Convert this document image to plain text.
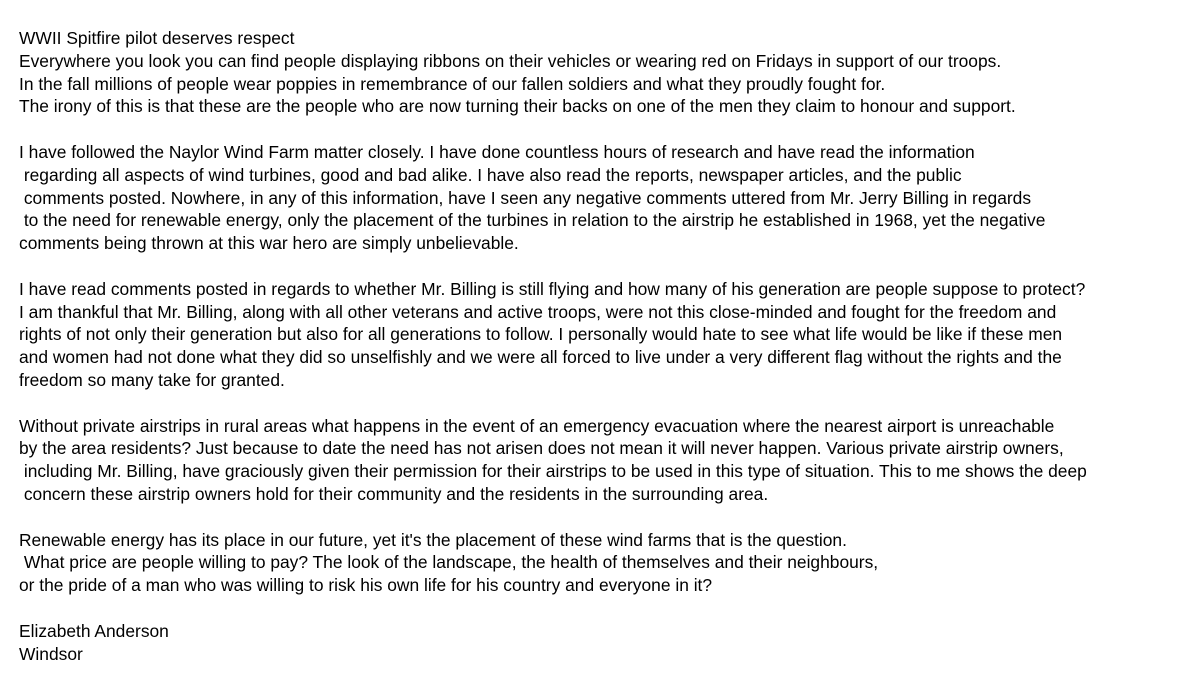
WWII Spitfire pilot deserves respect
Everywhere you look you can find people displaying ribbons on their vehicles or wearing red on Fridays in support of our troops.
In the fall millions of people wear poppies in remembrance of our fallen soldiers and what they proudly fought for.
The irony of this is that these are the people who are now turning their backs on one of the men they claim to honour and support.
I have followed the Naylor Wind Farm matter closely. I have done countless hours of research and have read the information
regarding all aspects of wind turbines, good and bad alike. I have also read the reports, newspaper articles, and the public
comments posted. Nowhere, in any of this information, have I seen any negative comments uttered from Mr. Jerry Billing in regards
to the need for renewable energy, only the placement of the turbines in relation to the airstrip he established in 1968, yet the negative
comments being thrown at this war hero are simply unbelievable.
I have read comments posted in regards to whether Mr. Billing is still flying and how many of his generation are people suppose to protect?
I am thankful that Mr. Billing, along with all other veterans and active troops, were not this close-minded and fought for the freedom and
rights of not only their generation but also for all generations to follow. I personally would hate to see what life would be like if these men
and women had not done what they did so unselfishly and we were all forced to live under a very different flag without the rights and the
freedom so many take for granted.
Without private airstrips in rural areas what happens in the event of an emergency evacuation where the nearest airport is unreachable
by the area residents? Just because to date the need has not arisen does not mean it will never happen. Various private airstrip owners,
including Mr. Billing, have graciously given their permission for their airstrips to be used in this type of situation. This to me shows the deep
concern these airstrip owners hold for their community and the residents in the surrounding area.
Renewable energy has its place in our future, yet it's the placement of these wind farms that is the question.
What price are people willing to pay? The look of the landscape, the health of themselves and their neighbours,
or the pride of a man who was willing to risk his own life for his country and everyone in it?
Elizabeth Anderson
Windsor
